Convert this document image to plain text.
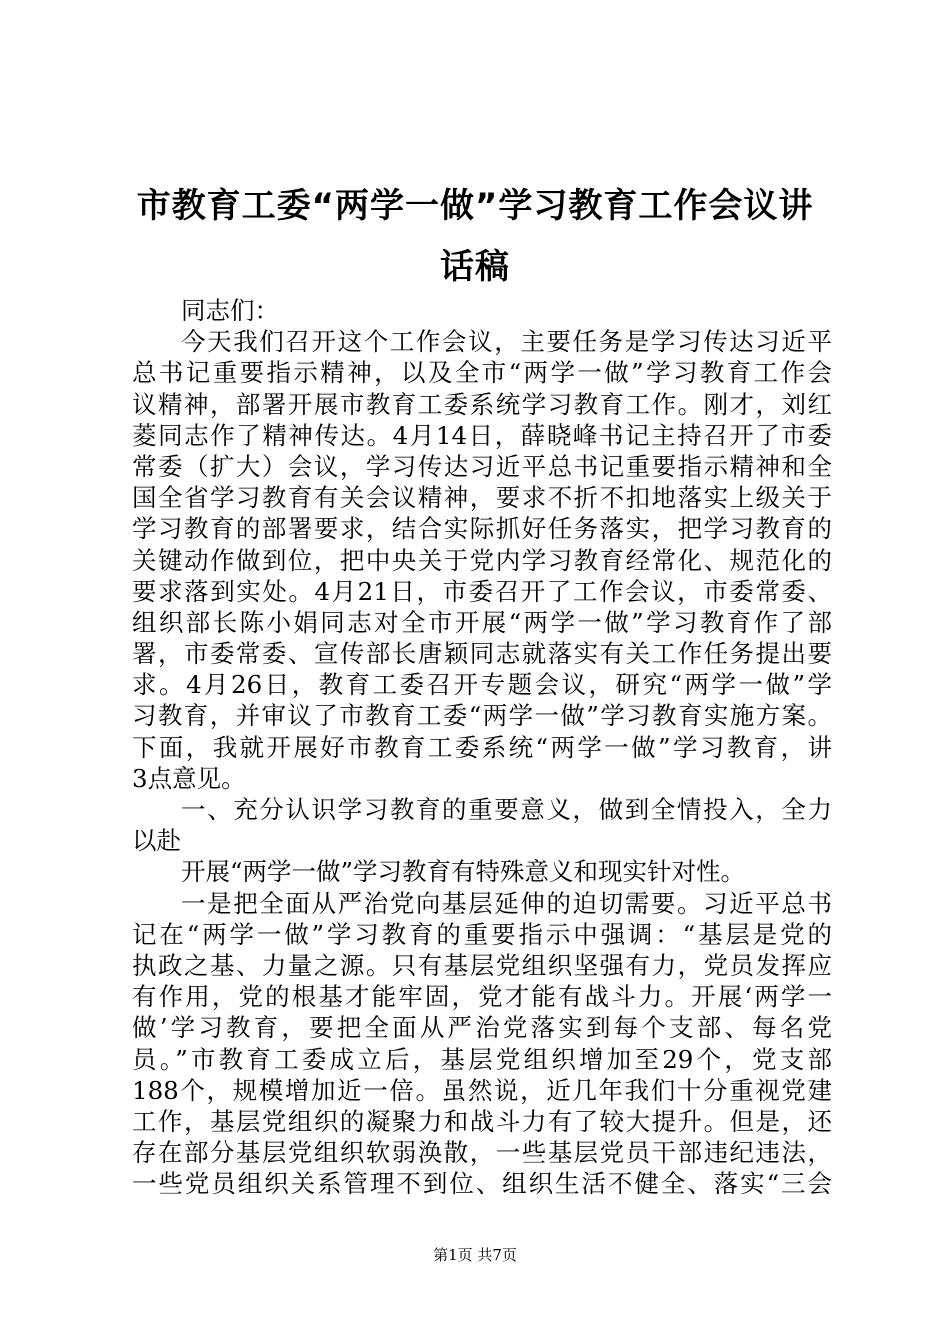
市教育工委“两学一做”学习教育工作会议讲
话稿
同志们：
今天我们召开这个工作会议，主要任务是学习传达习近平
总书记重要指示精神，以及全市“两学一做”学习教育工作会
议精神，部署开展市教育工委系统学习教育工作。刚才，刘红
菱同志作了精神传达。4月14日，薛晓峰书记主持召开了市委
常委（扩大）会议，学习传达习近平总书记重要指示精神和全
国全省学习教育有关会议精神，要求不折不扣地落实上级关于
学习教育的部署要求，结合实际抓好任务落实，把学习教育的
关键动作做到位，把中央关于党内学习教育经常化、规范化的
要求落到实处。4月21日，市委召开了工作会议，市委常委、
组织部长陈小娟同志对全市开展“两学一做”学习教育作了部
署，市委常委、宣传部长唐颖同志就落实有关工作任务提出要
求。4月26日，教育工委召开专题会议，研究“两学一做”学
习教育，并审议了市教育工委“两学一做”学习教育实施方案。
下面，我就开展好市教育工委系统“两学一做”学习教育，讲
3点意见。
一、充分认识学习教育的重要意义，做到全情投入，全力
以赴
开展“两学一做”学习教育有特殊意义和现实针对性。
一是把全面从严治党向基层延伸的迫切需要。习近平总书
记在“两学一做”学习教育的重要指示中强调：“基层是党的
执政之基、力量之源。只有基层党组织坚强有力，党员发挥应
有作用，党的根基才能牢固，党才能有战斗力。开展‘两学一
做’学习教育，要把全面从严治党落实到每个支部、每名党
员。”市教育工委成立后，基层党组织增加至29个，党支部
188个，规模增加近一倍。虽然说，近几年我们十分重视党建
工作，基层党组织的凝聚力和战斗力有了较大提升。但是，还
存在部分基层党组织软弱涣散，一些基层党员干部违纪违法，
一些党员组织关系管理不到位、组织生活不健全、落实“三会
第1页 共7页
